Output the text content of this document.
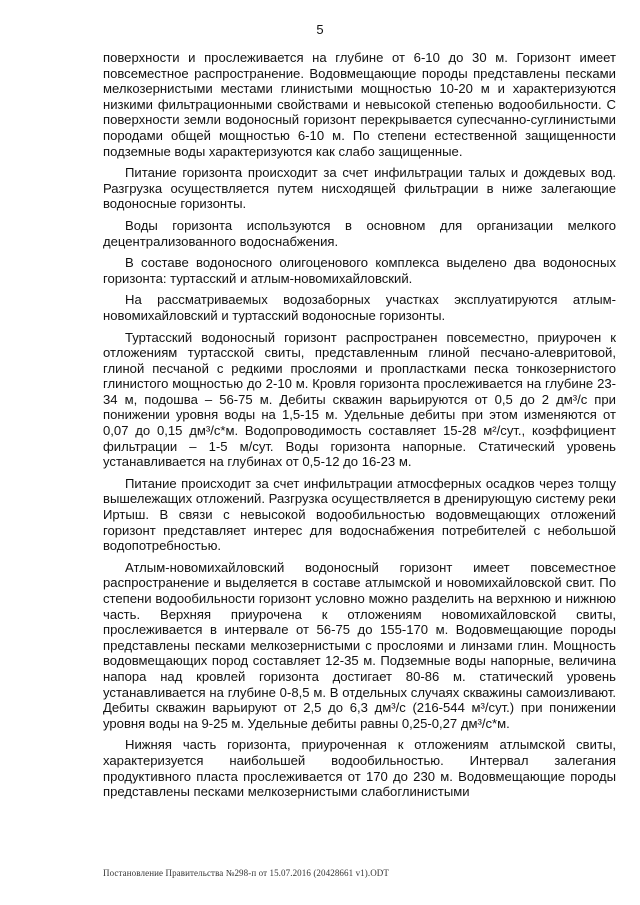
5

поверхности и прослеживается на глубине от 6-10 до 30 м. Горизонт имеет повсеместное распространение. Водовмещающие породы представлены песками мелкозернистыми местами глинистыми мощностью 10-20 м и характеризуются низкими фильтрационными свойствами и невысокой степенью водообильности. С поверхности земли водоносный горизонт перекрывается супесчанно-суглинистыми породами общей мощностью 6-10 м. По степени естественной защищенности подземные воды характеризуются как слабо защищенные.

Питание горизонта происходит за счет инфильтрации талых и дождевых вод. Разгрузка осуществляется путем нисходящей фильтрации в ниже залегающие водоносные горизонты.

Воды горизонта используются в основном для организации мелкого децентрализованного водоснабжения.

В составе водоносного олигоценового комплекса выделено два водоносных горизонта: туртасский и атлым-новомихайловский.

На рассматриваемых водозаборных участках эксплуатируются атлым-новомихайловский и туртасский водоносные горизонты.

Туртасский водоносный горизонт распространен повсеместно, приурочен к отложениям туртасской свиты, представленным глиной песчано-алевритовой, глиной песчаной с редкими прослоями и пропластками песка тонкозернистого глинистого мощностью до 2-10 м. Кровля горизонта прослеживается на глубине 23-34 м, подошва – 56-75 м. Дебиты скважин варьируются от 0,5 до 2 дм³/с при понижении уровня воды на 1,5-15 м. Удельные дебиты при этом изменяются от 0,07 до 0,15 дм³/с*м. Водопроводимость составляет 15-28 м²/сут., коэффициент фильтрации – 1-5 м/сут. Воды горизонта напорные. Статический уровень устанавливается на глубинах от 0,5-12 до 16-23 м.

Питание происходит за счет инфильтрации атмосферных осадков через толщу вышележащих отложений. Разгрузка осуществляется в дренирующую систему реки Иртыш. В связи с невысокой водообильностью водовмещающих отложений горизонт представляет интерес для водоснабжения потребителей с небольшой водопотребностью.

Атлым-новомихайловский водоносный горизонт имеет повсеместное распространение и выделяется в составе атлымской и новомихайловской свит. По степени водообильности горизонт условно можно разделить на верхнюю и нижнюю часть. Верхняя приурочена к отложениям новомихайловской свиты, прослеживается в интервале от 56-75 до 155-170 м. Водовмещающие породы представлены песками мелкозернистыми с прослоями и линзами глин. Мощность водовмещающих пород составляет 12-35 м. Подземные воды напорные, величина напора над кровлей горизонта достигает 80-86 м. статический уровень устанавливается на глубине 0-8,5 м. В отдельных случаях скважины самоизливают. Дебиты скважин варьируют от 2,5 до 6,3 дм³/с (216-544 м³/сут.) при понижении уровня воды на 9-25 м. Удельные дебиты равны 0,25-0,27 дм³/с*м.

Нижняя часть горизонта, приуроченная к отложениям атлымской свиты, характеризуется наибольшей водообильностью. Интервал залегания продуктивного пласта прослеживается от 170 до 230 м. Водовмещающие породы представлены песками мелкозернистыми слабоглинистыми

Постановление Правительства №298-п от 15.07.2016 (20428661 v1).ODT
